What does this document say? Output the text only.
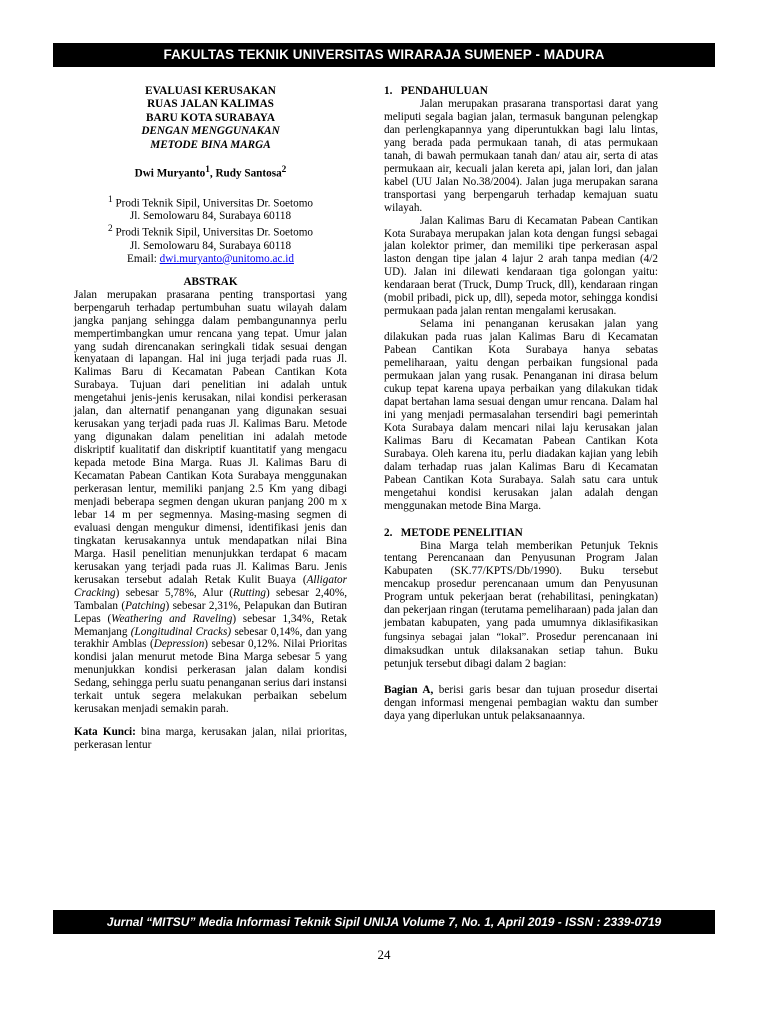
FAKULTAS TEKNIK UNIVERSITAS WIRARAJA SUMENEP - MADURA
EVALUASI KERUSAKAN
RUAS JALAN KALIMAS
BARU KOTA SURABAYA
DENGAN MENGGUNAKAN
METODE BINA MARGA
Dwi Muryanto$^1$, Rudy Santosa$^2$
$^1$ Prodi Teknik Sipil, Universitas Dr. Soetomo
Jl. Semolowaru 84, Surabaya 60118
$^2$ Prodi Teknik Sipil, Universitas Dr. Soetomo
Jl. Semolowaru 84, Surabaya 60118
Email: dwi.muryanto@unitomo.ac.id
ABSTRAK
Jalan merupakan prasarana penting transportasi yang berpengaruh terhadap pertumbuhan suatu wilayah dalam jangka panjang sehingga dalam pembangunannya perlu mempertimbangkan umur rencana yang tepat. Umur jalan yang sudah direncanakan seringkali tidak sesuai dengan kenyataan di lapangan. Hal ini juga terjadi pada ruas Jl. Kalimas Baru di Kecamatan Pabean Cantikan Kota Surabaya. Tujuan dari penelitian ini adalah untuk mengetahui jenis-jenis kerusakan, nilai kondisi perkerasan jalan, dan alternatif penanganan yang digunakan sesuai kerusakan yang terjadi pada ruas Jl. Kalimas Baru. Metode yang digunakan dalam penelitian ini adalah metode diskriptif kualitatif dan diskriptif kuantitatif yang mengacu kepada metode Bina Marga. Ruas Jl. Kalimas Baru di Kecamatan Pabean Cantikan Kota Surabaya menggunakan perkerasan lentur, memiliki panjang 2.5 Km yang dibagi menjadi beberapa segmen dengan ukuran panjang 200 m x lebar 14 m per segmennya. Masing-masing segmen di evaluasi dengan mengukur dimensi, identifikasi jenis dan tingkatan kerusakannya untuk mendapatkan nilai Bina Marga. Hasil penelitian menunjukkan terdapat 6 macam kerusakan yang terjadi pada ruas Jl. Kalimas Baru. Jenis kerusakan tersebut adalah Retak Kulit Buaya (Alligator Cracking) sebesar 5,78%, Alur (Rutting) sebesar 2,40%, Tambalan (Patching) sebesar 2,31%, Pelapukan dan Butiran Lepas (Weathering and Raveling) sebesar 1,34%, Retak Memanjang (Longitudinal Cracks) sebesar 0,14%, dan yang terakhir Amblas (Depression) sebesar 0,12%. Nilai Prioritas kondisi jalan menurut metode Bina Marga sebesar 5 yang menunjukkan kondisi perkerasan jalan dalam kondisi Sedang, sehingga perlu suatu penanganan serius dari instansi terkait untuk segera melakukan perbaikan sebelum kerusakan menjadi semakin parah.
Kata Kunci: bina marga, kerusakan jalan, nilai prioritas, perkerasan lentur
1.   PENDAHULUAN
Jalan merupakan prasarana transportasi darat yang meliputi segala bagian jalan, termasuk bangunan pelengkap dan perlengkapannya yang diperuntukkan bagi lalu lintas, yang berada pada permukaan tanah, di atas permukaan tanah, di bawah permukaan tanah dan/ atau air, serta di atas permukaan air, kecuali jalan kereta api, jalan lori, dan jalan kabel (UU Jalan No.38/2004). Jalan juga merupakan sarana transportasi yang berpengaruh terhadap kemajuan suatu wilayah.
Jalan Kalimas Baru di Kecamatan Pabean Cantikan Kota Surabaya merupakan jalan kota dengan fungsi sebagai jalan kolektor primer, dan memiliki tipe perkerasan aspal laston dengan tipe jalan 4 lajur 2 arah tanpa median (4/2 UD). Jalan ini dilewati kendaraan tiga golongan yaitu: kendaraan berat (Truck, Dump Truck, dll), kendaraan ringan (mobil pribadi, pick up, dll), sepeda motor, sehingga kondisi permukaan pada jalan rentan mengalami kerusakan.
Selama ini penanganan kerusakan jalan yang dilakukan pada ruas jalan Kalimas Baru di Kecamatan Pabean Cantikan Kota Surabaya hanya sebatas pemeliharaan, yaitu dengan perbaikan fungsional pada permukaan jalan yang rusak. Penanganan ini dirasa belum cukup tepat karena upaya perbaikan yang dilakukan tidak dapat bertahan lama sesuai dengan umur rencana. Dalam hal ini yang menjadi permasalahan tersendiri bagi pemerintah Kota Surabaya dalam mencari nilai laju kerusakan jalan Kalimas Baru di Kecamatan Pabean Cantikan Kota Surabaya. Oleh karena itu, perlu diadakan kajian yang lebih dalam terhadap ruas jalan Kalimas Baru di Kecamatan Pabean Cantikan Kota Surabaya. Salah satu cara untuk mengetahui kondisi kerusakan jalan adalah dengan menggunakan metode Bina Marga.
2.   METODE PENELITIAN
Bina Marga telah memberikan Petunjuk Teknis tentang Perencanaan dan Penyusunan Program Jalan Kabupaten (SK.77/KPTS/Db/1990). Buku tersebut mencakup prosedur perencanaan umum dan Penyusunan Program untuk pekerjaan berat (rehabilitasi, peningkatan) dan pekerjaan ringan (terutama pemeliharaan) pada jalan dan jembatan kabupaten, yang pada umumnya diklasifikasikan fungsinya sebagai jalan “lokal”. Prosedur perencanaan ini dimaksudkan untuk dilaksanakan setiap tahun. Buku petunjuk tersebut dibagi dalam 2 bagian:
Bagian A, berisi garis besar dan tujuan prosedur disertai dengan informasi mengenai pembagian waktu dan sumber daya yang diperlukan untuk pelaksanaannya.
Jurnal “MITSU” Media Informasi Teknik Sipil UNIJA Volume 7, No. 1, April 2019 - ISSN : 2339-0719
24
